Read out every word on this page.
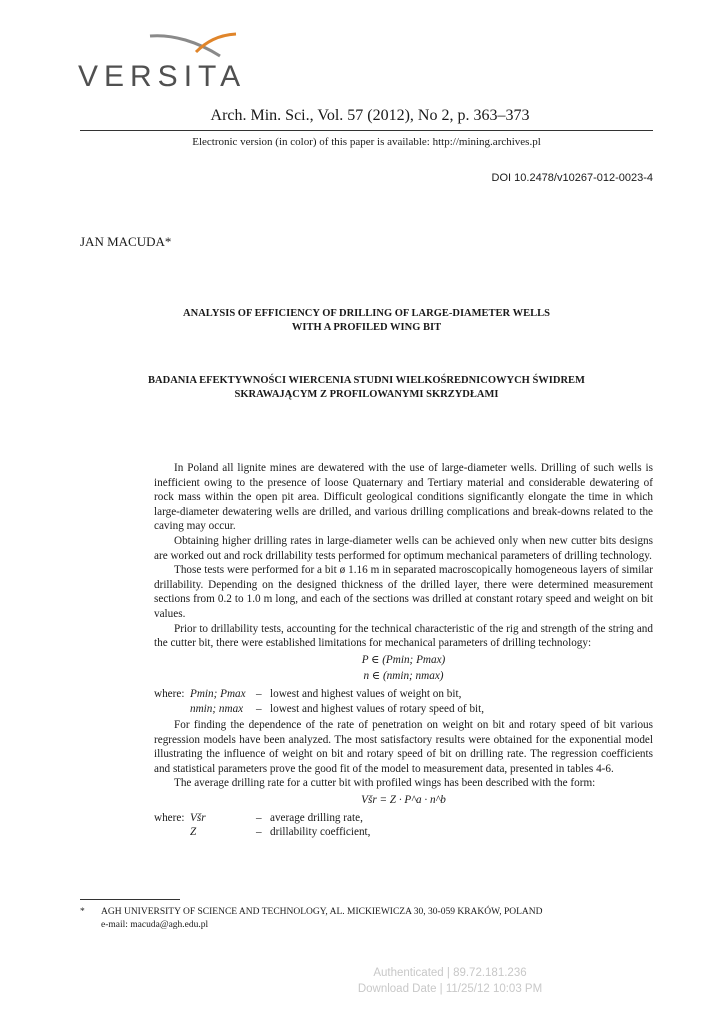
VERSITA
Arch. Min. Sci., Vol. 57 (2012), No 2, p. 363–373
Electronic version (in color) of this paper is available: http://mining.archives.pl
DOI 10.2478/v10267-012-0023-4
JAN MACUDA*
ANALYSIS OF EFFICIENCY OF DRILLING OF LARGE-DIAMETER WELLS
WITH A PROFILED WING BIT
BADANIA EFEKTYWNOŚCI WIERCENIA STUDNI WIELKOŚREDNICOWYCH ŚWIDREM
SKRAWAJĄCYM Z PROFILOWANYMI SKRZYDŁAMI

In Poland all lignite mines are dewatered with the use of large-diameter wells. Drilling of such wells is inefficient owing to the presence of loose Quaternary and Tertiary material and considerable dewatering of rock mass within the open pit area. Difficult geological conditions significantly elongate the time in which large-diameter dewatering wells are drilled, and various drilling complications and break-downs related to the caving may occur.

Obtaining higher drilling rates in large-diameter wells can be achieved only when new cutter bits designs are worked out and rock drillability tests performed for optimum mechanical parameters of drilling technology.

Those tests were performed for a bit ø 1.16 m in separated macroscopically homogeneous layers of similar drillability. Depending on the designed thickness of the drilled layer, there were determined measurement sections from 0.2 to 1.0 m long, and each of the sections was drilled at constant rotary speed and weight on bit values.

Prior to drillability tests, accounting for the technical characteristic of the rig and strength of the string and the cutter bit, there were established limitations for mechanical parameters of drilling technology:

P ∈ (Pmin; Pmax)
n ∈ (nmin; nmax)
where: Pmin; Pmax – lowest and highest values of weight on bit,
nmin; nmax	– lowest and highest values of rotary speed of bit,

For finding the dependence of the rate of penetration on weight on bit and rotary speed of bit various regression models have been analyzed. The most satisfactory results were obtained for the exponential model illustrating the influence of weight on bit and rotary speed of bit on drilling rate. The regression coefficients and statistical parameters prove the good fit of the model to measurement data, presented in tables 4-6.

The average drilling rate for a cutter bit with profiled wings has been described with the form:

Všr = Z · P^a · n^b
where: Všr	– average drilling rate,
Z	– drillability coefficient,
* AGH UNIVERSITY OF SCIENCE AND TECHNOLOGY, AL. MICKIEWICZA 30, 30-059 KRAKÓW, POLAND
e-mail: macuda@agh.edu.pl
Authenticated | 89.72.181.236
Download Date | 11/25/12 10:03 PM
